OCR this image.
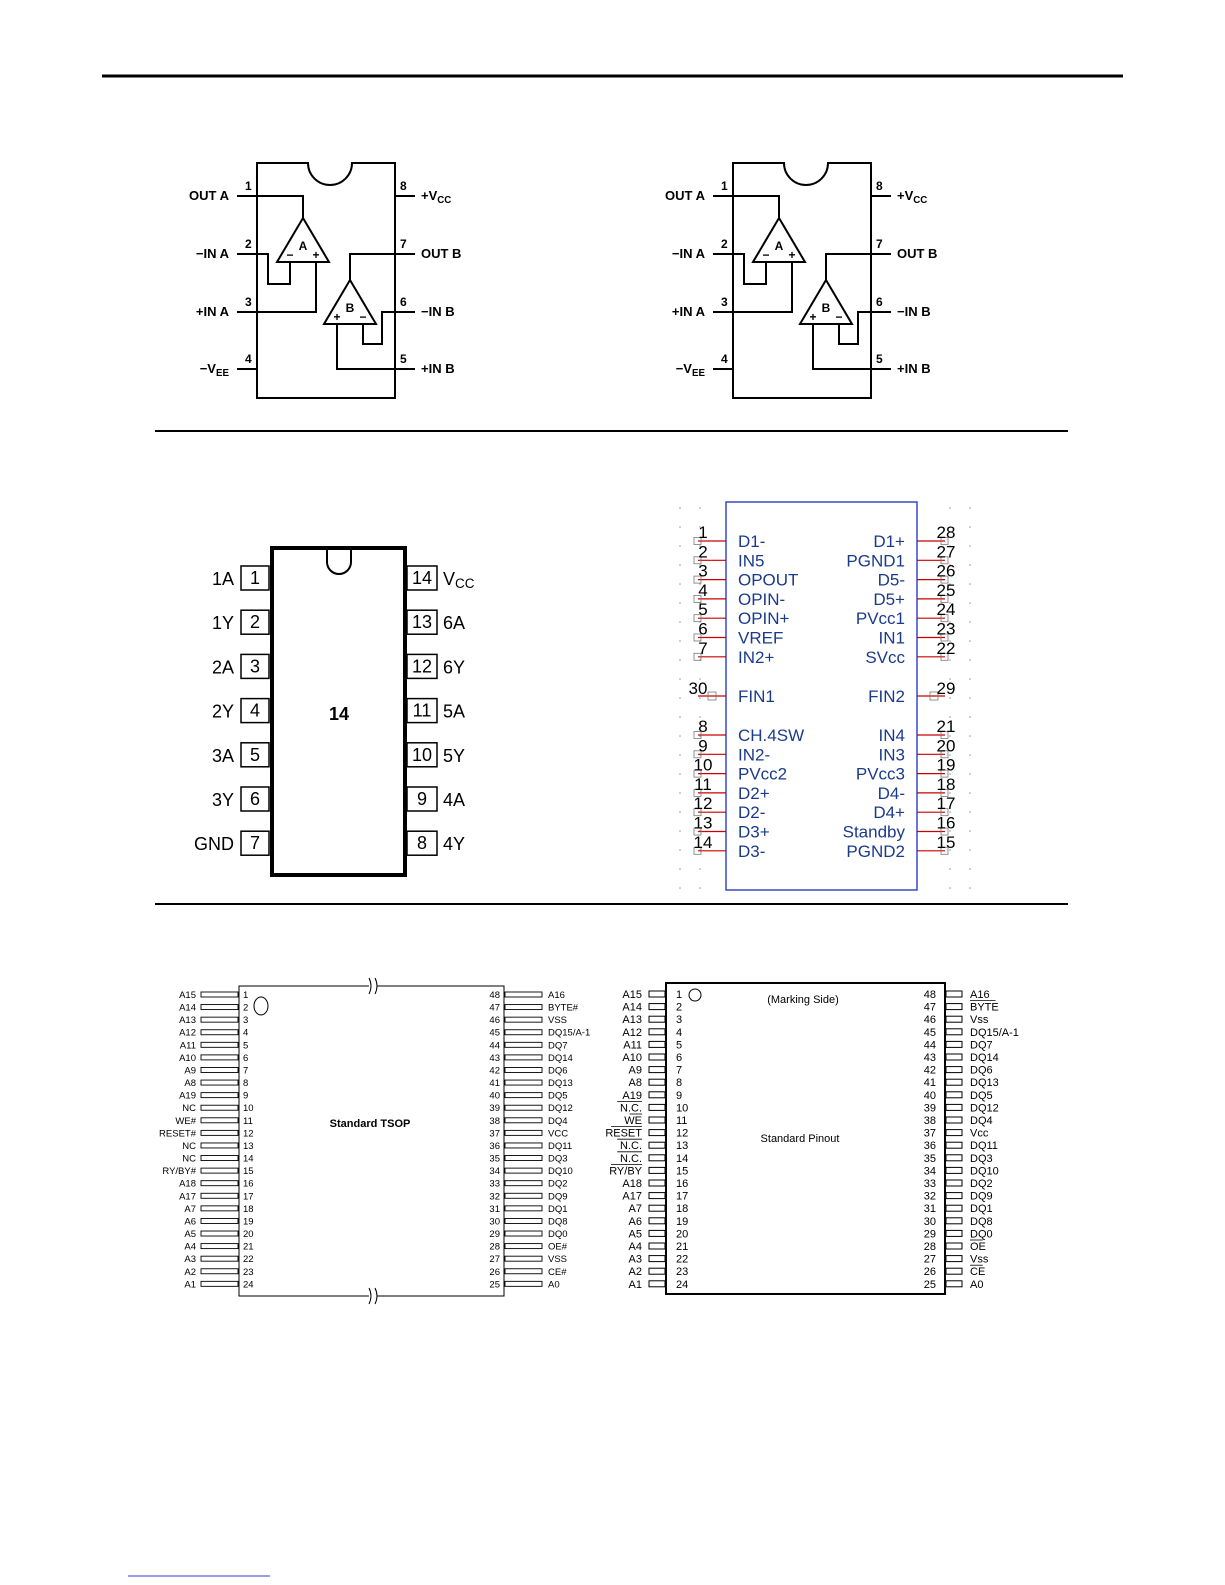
1
OUT A
2
−IN A
3
+IN A
4
$-V_{EE}$
8
$+V_{CC}$
7
OUT B
6
−IN B
5
+IN B
A
− +
B
+ −
1
OUT A
2
−IN A
3
+IN A
4
$-V_{EE}$
8
$+V_{CC}$
7
OUT B
6
−IN B
5
+IN B
A
− +
B
+ −
14
1
1A
2
1Y
3
2A
4
2Y
5
3A
6
3Y
7
GND
14 VCC
13 6A
12 6Y
11 5A
10 5Y
9 4A
8 4Y
1 D1-
2 IN5
3 OPOUT
4 OPIN-
5 OPIN+
6 VREF
7 IN2+
28
D1+
27
PGND1
26
D5-
25
D5+
24
PVcc1
23
IN1
22
SVcc
8 CH.4SW
9 IN2-
10 PVcc2
11 D2+
12 D2-
13 D3+
14 D3-
21
IN4
20
IN3
19
PVcc3
18
D4-
17
D4+
16
Standby
15
PGND2
30 FIN1	29
FIN2
Standard TSOP
A15	1
A14	2
A13	3
A12	4
A11	5
A10	6
A9	7
A8	8
A19	9
NC	10
WE#	11
RESET#	12
NC	13
NC	14
RY/BY#	15
A18	16
A17	17
A7	18
A6	19
A5	20
A4	21
A3	22
A2	23
A1	24
A16
48
BYTE#
47
VSS
46
DQ15/A-1
45
DQ7
44
DQ14
43
DQ6
42
DQ13
41
DQ5
40
DQ12
39
DQ4
38
VCC
37
DQ11
36
DQ3
35
DQ10
34
DQ2
33
DQ9
32
DQ1
31
DQ8
30
DQ0
29
OE#
28
VSS
27
CE#
26
A0
25
(Marking Side)
Standard Pinout
A15	1
A14	2
A13	3
A12	4
A11	5
A10	6
A9	7
A8	8
A19	9
N.C.	10
WE	11
RESET	12
N.C.	13
N.C.	14
RY/BY	15
A18	16
A17	17
A7	18
A6	19
A5	20
A4	21
A3	22
A2	23
A1	24
A16
48
BYTE
47
Vss
46
DQ15/A-1
45
DQ7
44
DQ14
43
DQ6
42
DQ13
41
DQ5
40
DQ12
39
DQ4
38
Vcc
37
DQ11
36
DQ3
35
DQ10
34
DQ2
33
DQ9
32
DQ1
31
DQ8
30
DQ0
29
OE
28
Vss
27
CE
26
A0
25
